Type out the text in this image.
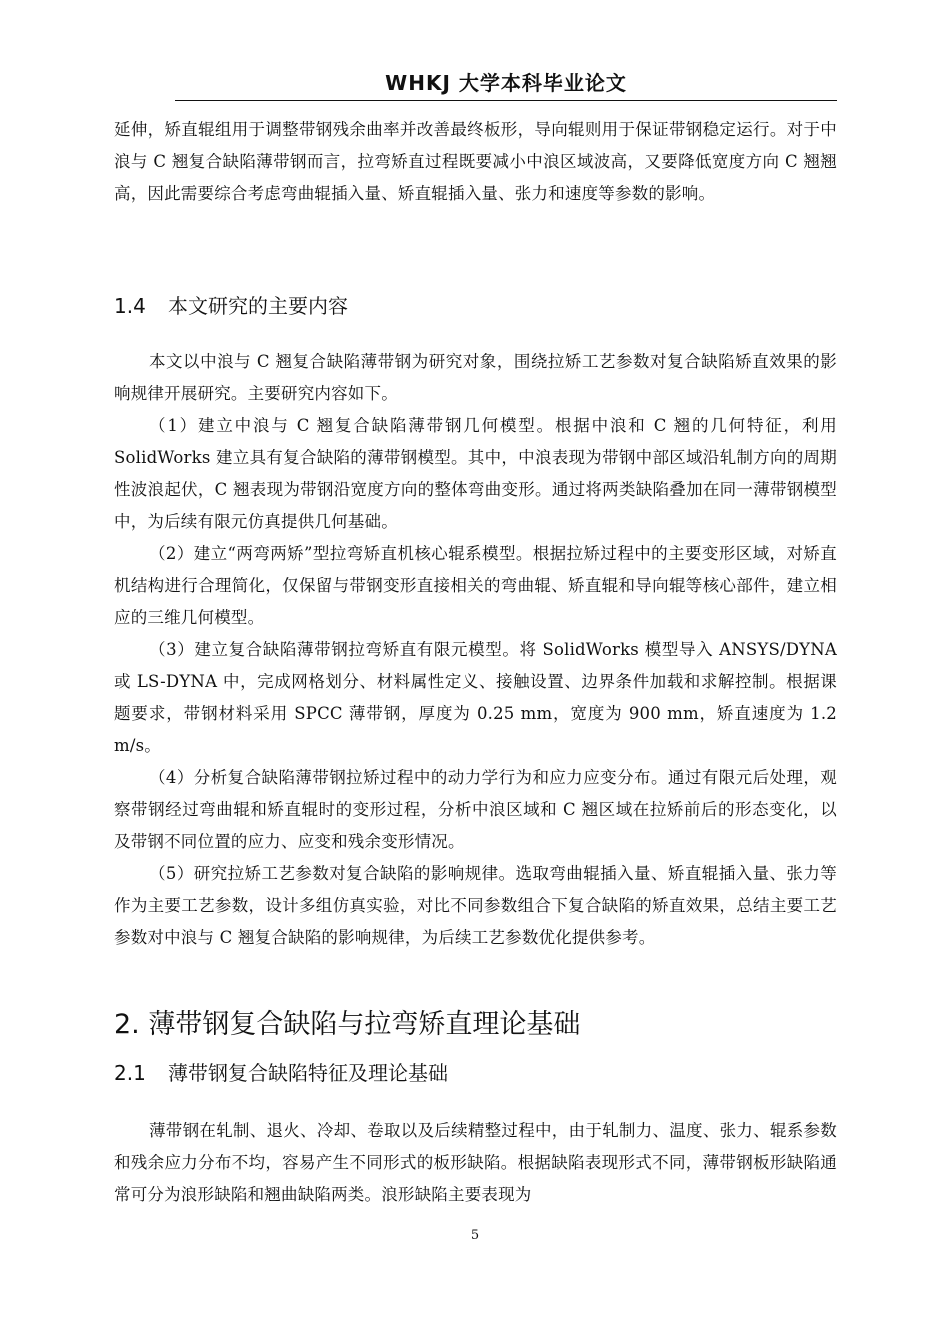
WHKJ 大学本科毕业论文
延伸，矫直辊组用于调整带钢残余曲率并改善最终板形，导向辊则用于保证带钢稳定运行。对于中浪与 C 翘复合缺陷薄带钢而言，拉弯矫直过程既要减小中浪区域波高，又要降低宽度方向 C 翘翘高，因此需要综合考虑弯曲辊插入量、矫直辊插入量、张力和速度等参数的影响。
1.4 本文研究的主要内容
本文以中浪与 C 翘复合缺陷薄带钢为研究对象，围绕拉矫工艺参数对复合缺陷矫直效果的影响规律开展研究。主要研究内容如下。
（1）建立中浪与 C 翘复合缺陷薄带钢几何模型。根据中浪和 C 翘的几何特征，利用 SolidWorks 建立具有复合缺陷的薄带钢模型。其中，中浪表现为带钢中部区域沿轧制方向的周期性波浪起伏，C 翘表现为带钢沿宽度方向的整体弯曲变形。通过将两类缺陷叠加在同一薄带钢模型中，为后续有限元仿真提供几何基础。
（2）建立“两弯两矫”型拉弯矫直机核心辊系模型。根据拉矫过程中的主要变形区域，对矫直机结构进行合理简化，仅保留与带钢变形直接相关的弯曲辊、矫直辊和导向辊等核心部件，建立相应的三维几何模型。
（3）建立复合缺陷薄带钢拉弯矫直有限元模型。将 SolidWorks 模型导入 ANSYS/DYNA 或 LS-DYNA 中，完成网格划分、材料属性定义、接触设置、边界条件加载和求解控制。根据课题要求，带钢材料采用 SPCC 薄带钢，厚度为 0.25 mm，宽度为 900 mm，矫直速度为 1.2 m/s。
（4）分析复合缺陷薄带钢拉矫过程中的动力学行为和应力应变分布。通过有限元后处理，观察带钢经过弯曲辊和矫直辊时的变形过程，分析中浪区域和 C 翘区域在拉矫前后的形态变化，以及带钢不同位置的应力、应变和残余变形情况。
（5）研究拉矫工艺参数对复合缺陷的影响规律。选取弯曲辊插入量、矫直辊插入量、张力等作为主要工艺参数，设计多组仿真实验，对比不同参数组合下复合缺陷的矫直效果，总结主要工艺参数对中浪与 C 翘复合缺陷的影响规律，为后续工艺参数优化提供参考。
2. 薄带钢复合缺陷与拉弯矫直理论基础
2.1 薄带钢复合缺陷特征及理论基础
薄带钢在轧制、退火、冷却、卷取以及后续精整过程中，由于轧制力、温度、张力、辊系参数和残余应力分布不均，容易产生不同形式的板形缺陷。根据缺陷表现形式不同，薄带钢板形缺陷通常可分为浪形缺陷和翘曲缺陷两类。浪形缺陷主要表现为
5
